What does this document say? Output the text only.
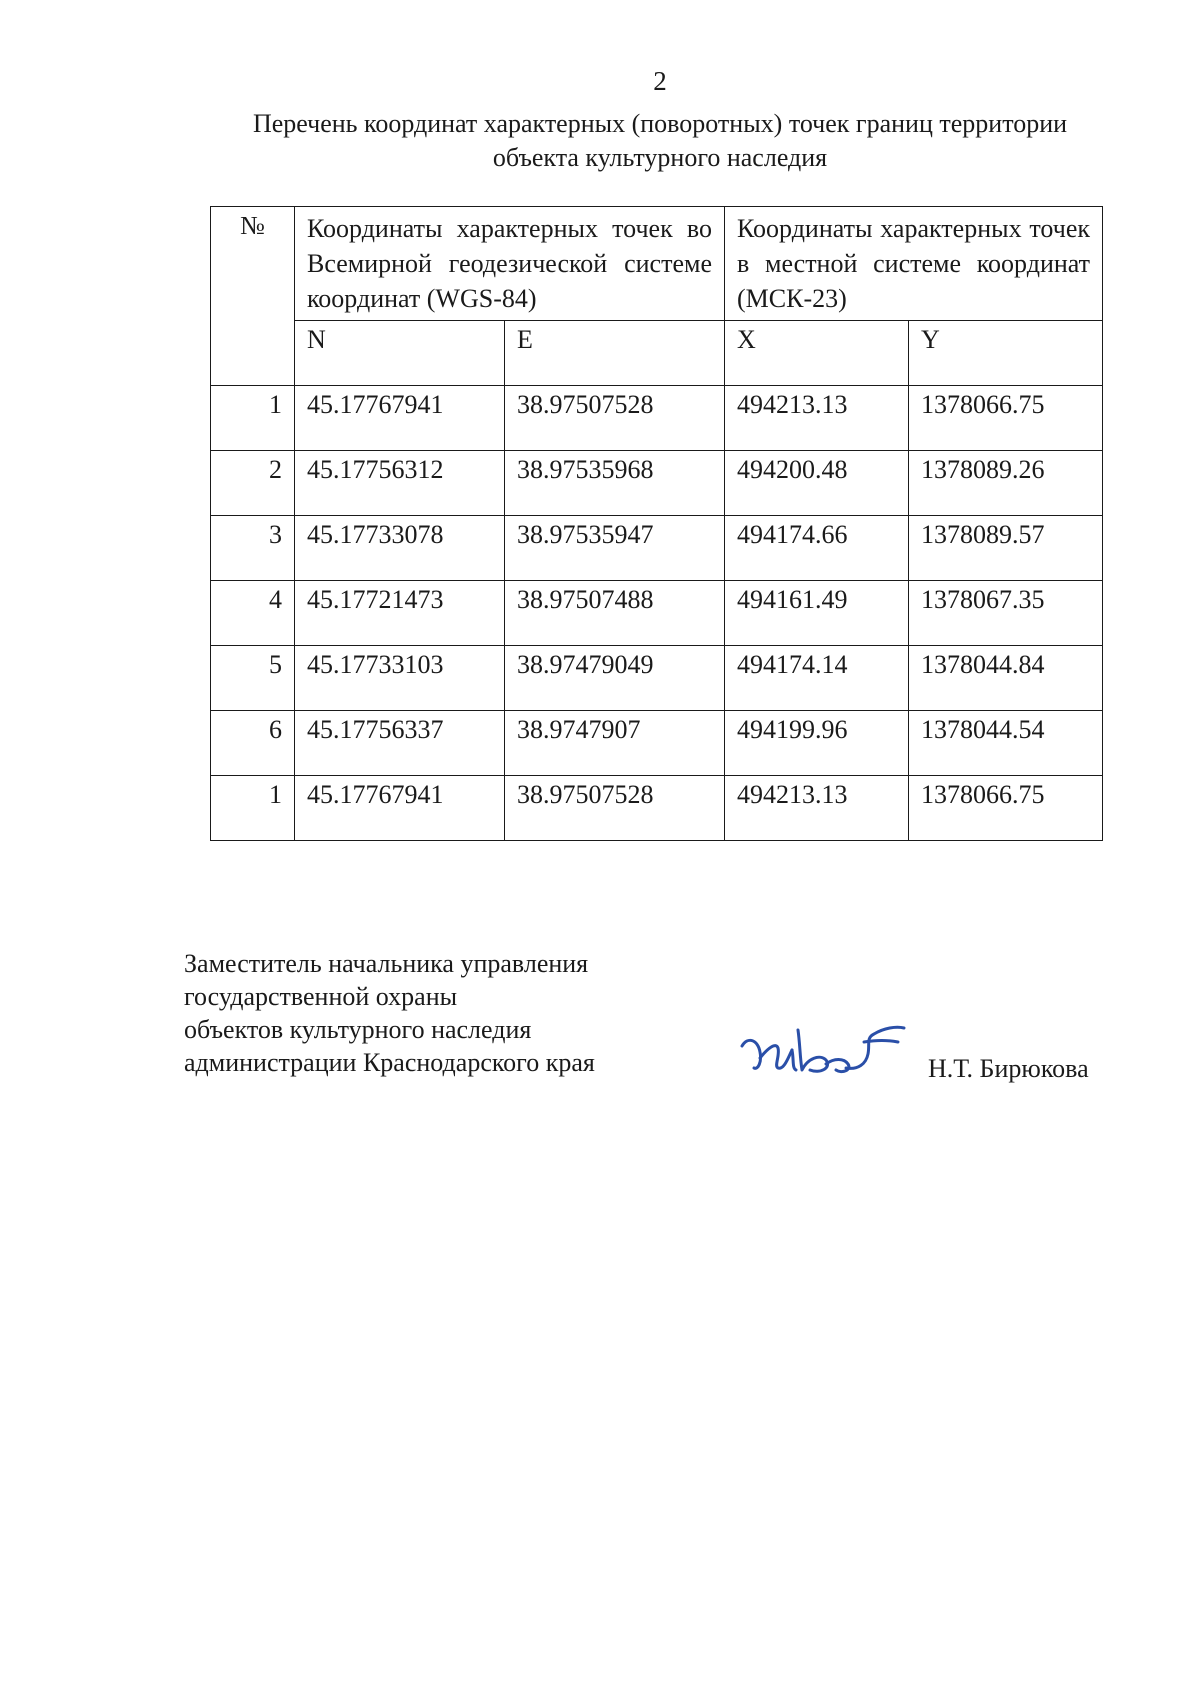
2
Перечень координат характерных (поворотных) точек границ территории
объекта культурного наследия
№	Координаты характерных точек во Всемирной геодезической системе координат (WGS-84)		Координаты характерных точек в местной системе координат (МСК-23)	
	N	E	X	Y
1	45.17767941	38.97507528	494213.13	1378066.75
2	45.17756312	38.97535968	494200.48	1378089.26
3	45.17733078	38.97535947	494174.66	1378089.57
4	45.17721473	38.97507488	494161.49	1378067.35
5	45.17733103	38.97479049	494174.14	1378044.84
6	45.17756337	38.9747907	494199.96	1378044.54
1	45.17767941	38.97507528	494213.13	1378066.75
Заместитель начальника управления
государственной охраны
объектов культурного наследия
администрации Краснодарского края	Н.Т. Бирюкова
